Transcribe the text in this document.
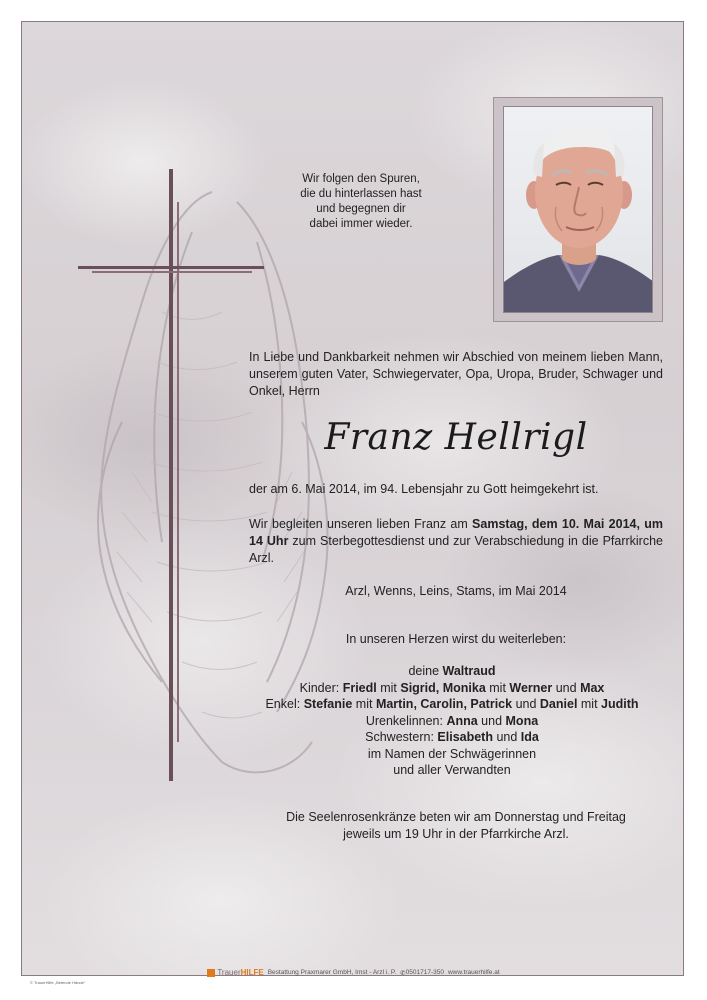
Wir folgen den Spuren,
die du hinterlassen hast
und begegnen dir
dabei immer wieder.
In Liebe und Dankbarkeit nehmen wir Abschied von meinem lieben Mann, unserem guten Vater, Schwiegervater, Opa, Uropa, Bruder, Schwager und Onkel, Herrn
Franz Hellrigl
der am 6. Mai 2014, im 94. Lebensjahr zu Gott heimgekehrt ist.
Wir begleiten unseren lieben Franz am Samstag, dem 10. Mai 2014, um 14 Uhr zum Sterbegottesdienst und zur Verabschiedung in die Pfarrkirche Arzl.
Arzl, Wenns, Leins, Stams, im Mai 2014
In unseren Herzen wirst du weiterleben:
deine Waltraud
Kinder: Friedl mit Sigrid, Monika mit Werner und Max
Enkel: Stefanie mit Martin, Carolin, Patrick und Daniel mit Judith
Urenkelinnen: Anna und Mona
Schwestern: Elisabeth und Ida
im Namen der Schwägerinnen
und aller Verwandten
Die Seelenrosenkränze beten wir am Donnerstag und Freitag
jeweils um 19 Uhr in der Pfarrkirche Arzl.
TrauerHILFE Bestattung Praxmarer GmbH, Imst - Arzl i. P. ✆0501717-350 www.trauerhilfe.at
© TrauerHilfe „Betende Hände“
